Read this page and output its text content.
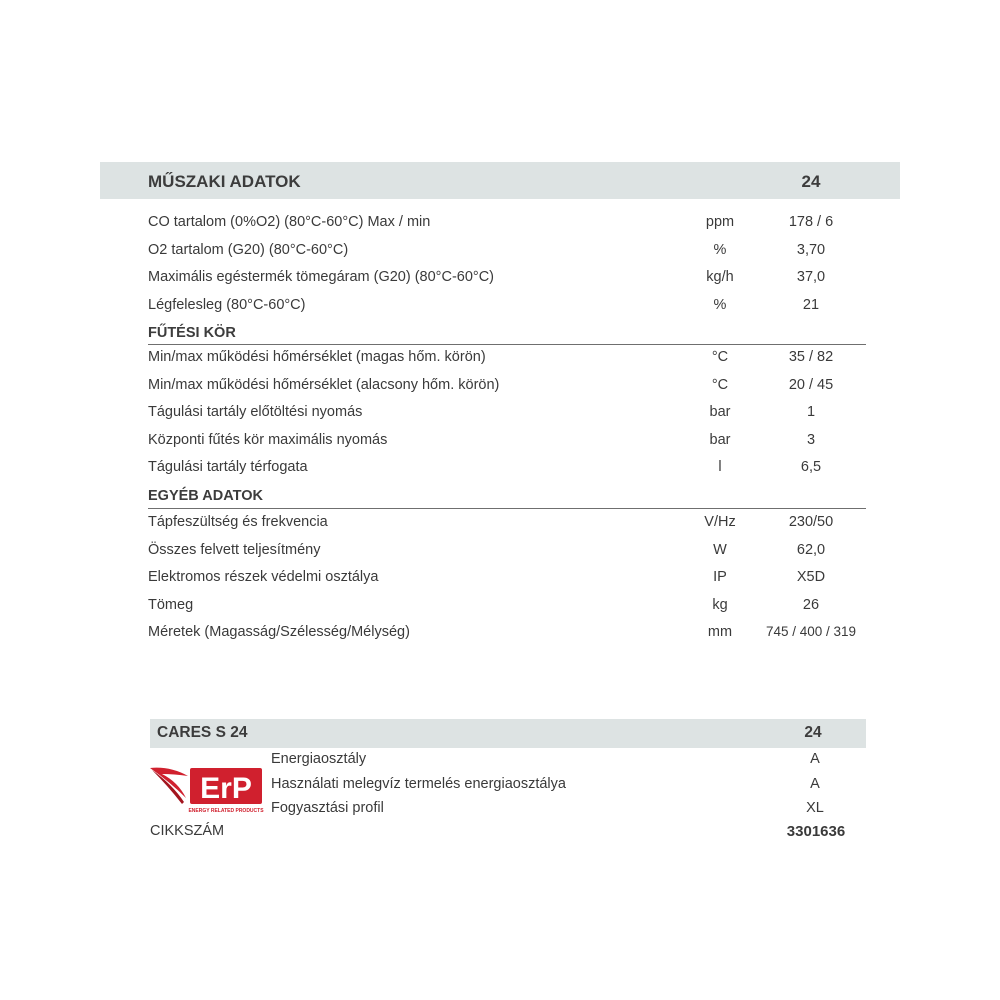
MŰSZAKI ADATOK	24
CO tartalom (0%O2) (80°C-60°C) Max / min	ppm	178 / 6
O2 tartalom (G20) (80°C-60°C)	%	3,70
Maximális egéstermék tömegáram (G20) (80°C-60°C)	kg/h	37,0
Légfelesleg (80°C-60°C)	%	21
FŰTÉSI KÖR
Min/max működési hőmérséklet (magas hőm. körön)	°C	35 / 82
Min/max működési hőmérséklet (alacsony hőm. körön)	°C	20 / 45
Tágulási tartály előtöltési nyomás	bar	1
Központi fűtés kör maximális nyomás	bar	3
Tágulási tartály térfogata	l	6,5
EGYÉB ADATOK
Tápfeszültség és frekvencia	V/Hz	230/50
Összes felvett teljesítmény	W	62,0
Elektromos részek védelmi osztálya	IP	X5D
Tömeg	kg	26
Méretek (Magasság/Szélesség/Mélység)	mm	745 / 400 / 319
CARES S 24	24
ErP
ENERGY RELATED PRODUCTS
Energiaosztály	A
Használati melegvíz termelés energiaosztálya	A
Fogyasztási profil	XL
CIKKSZÁM	3301636
